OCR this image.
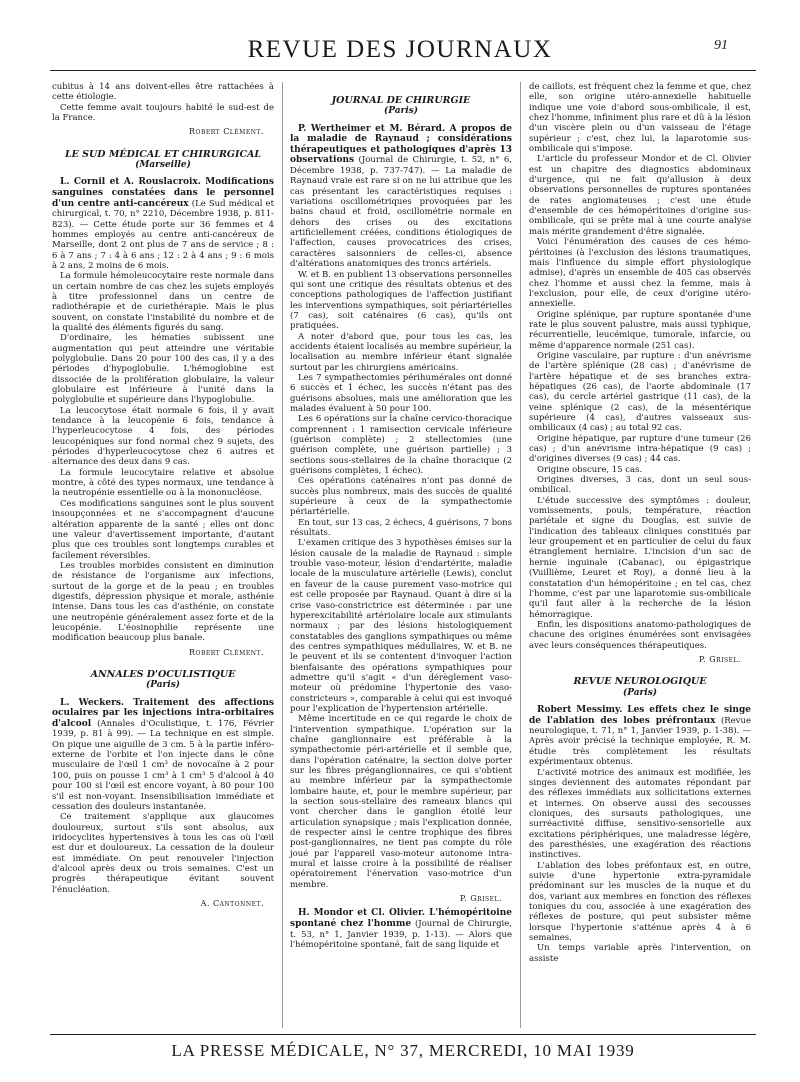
REVUE DES JOURNAUX	91

cubitus à 14 ans doivent-elles être rattachées à cette étiologie.

Cette femme avait toujours habité le sud-est de la France.

Robert Clément.
LE SUD MÉDICAL ET CHIRURGICAL
(Marseille)

L. Cornil et A. Rouslacroix. Modifications sanguines constatées dans le personnel d'un centre anti-cancéreux (Le Sud médical et chirurgical, t. 70, n° 2210, Décembre 1938, p. 811-823). — Cette étude porte sur 36 femmes et 4 hommes employés au centre anti-cancéreux de Marseille, dont 2 ont plus de 7 ans de service ; 8 : 6 à 7 ans ; 7 : 4 à 6 ans ; 12 : 2 à 4 ans ; 9 : 6 mois à 2 ans, 2 moins de 6 mois.

La formule hémoleucocytaire reste normale dans un certain nombre de cas chez les sujets employés à titre professionnel dans un centre de radiothérapie et de curiethérapie. Mais le plus souvent, on constate l'instabilité du nombre et de la qualité des éléments figurés du sang.

D'ordinaire, les hématies subissent une augmentation qui peut atteindre une véritable polyglobulie. Dans 20 pour 100 des cas, il y a des périodes d'hypoglobulie. L'hémoglobine est dissociée de la prolifération globulaire, la valeur globulaire est inférieure à l'unité dans la polyglobulie et supérieure dans l'hypoglobulie.

La leucocytose était normale 6 fois, il y avait tendance à la leucopénie 6 fois, tendance à l'hyperleucocytose 4 fois, des périodes leucopéniques sur fond normal chez 9 sujets, des périodes d'hyperleucocytose chez 6 autres et alternance des deux dans 9 cas.

La formule leucocytaire relative et absolue montre, à côté des types normaux, une tendance à la neutropénie essentielle ou à la mononucléose.

Ces modifications sanguines sont le plus souvent insoupçonnées et ne s'accompagnent d'aucune altération apparente de la santé ; elles ont donc une valeur d'avertissement importante, d'autant plus que ces troubles sont longtemps curables et facilement réversibles.

Les troubles morbides consistent en diminution de résistance de l'organisme aux infections, surtout de la gorge et de la peau ; en troubles digestifs, dépression physique et morale, asthénie intense. Dans tous les cas d'asthénie, on constate une neutropénie généralement assez forte et de la leucopénie. L'éosinophilie représente une modification beaucoup plus banale.

Robert Clément.
ANNALES D'OCULISTIQUE
(Paris)

L. Weckers. Traitement des affections oculaires par les injections intra-orbitaires d'alcool (Annales d'Oculistique, t. 176, Février 1939, p. 81 à 99). — La technique en est simple. On pique une aiguille de 3 cm. 5 à la partie inféro-externe de l'orbite et l'on injecte dans le cône musculaire de l'œil 1 cm³ de novocaïne à 2 pour 100, puis on pousse 1 cm³ à 1 cm³ 5 d'alcool à 40 pour 100 si l'œil est encore voyant, à 80 pour 100 s'il est non-voyant. Insensibilisation immédiate et cessation des douleurs instantanée.

Ce traitement s'applique aux glaucomes douloureux, surtout s'ils sont absolus, aux iridocyclites hypertensives à tous les cas où l'œil est dur et douloureux. La cessation de la douleur est immédiate. On peut renouveler l'injection d'alcool après deux ou trois semaines. C'est un progrès thérapeutique évitant souvent l'énucléation.

A. Cantonnet.
JOURNAL DE CHIRURGIE
(Paris)

P. Wertheimer et M. Bérard. A propos de la maladie de Raynaud ; considérations thérapeutiques et pathologiques d'après 13 observations (Journal de Chirurgie, t. 52, n° 6, Décembre 1938, p. 737-747). — La maladie de Raynaud vraie est rare si on ne lui attribue que les cas présentant les caractéristiques requises : variations oscillométriques provoquées par les bains chaud et froid, oscillométrie normale en dehors des crises ou des excitations artificiellement créées, conditions étiologiques de l'affection, causes provocatrices des crises, caractères saisonniers de celles-ci, absence d'altérations anatomiques des troncs artériels.

W. et B. en publient 13 observations personnelles qui sont une critique des résultats obtenus et des conceptions pathologiques de l'affection justifiant les interventions sympathiques, soit périartérielles (7 cas), soit caténaires (6 cas), qu'ils ont pratiquées.

A noter d'abord que, pour tous les cas, les accidents étaient localisés au membre supérieur, la localisation au membre inférieur étant signalée surtout par les chirurgiens américains.

Les 7 sympathectomies périhumérales ont donné 6 succès et 1 échec, les succès n'étant pas des guérisons absolues, mais une amélioration que les malades évaluent à 50 pour 100.

Les 6 opérations sur la chaîne cervico-thoracique comprennent : 1 ramisection cervicale inférieure (guérison complète) ; 2 stellectomies (une guérison complète, une guérison partielle) ; 3 sections sous-stellaires de la chaîne thoracique (2 guérisons complètes, 1 échec).

Ces opérations caténaires n'ont pas donné de succès plus nombreux, mais des succès de qualité supérieure à ceux de la sympathectomie périartérielle.

En tout, sur 13 cas, 2 échecs, 4 guérisons, 7 bons résultats.

L'examen critique des 3 hypothèses émises sur la lésion causale de la maladie de Raynaud : simple trouble vaso-moteur, lésion d'endartérite, maladie locale de la musculature artérielle (Lewis), conclut en faveur de la cause purement vaso-motrice qui est celle proposée par Raynaud. Quant à dire si la crise vaso-constrictrice est déterminée : par une hyperexcitabilité artériolaire locale aux stimulants normaux ; par des lésions histologiquement constatables des ganglions sympathiques ou même des centres sympathiques médullaires, W. et B. ne le peuvent et ils se contentent d'invoquer l'action bienfaisante des opérations sympathiques pour admettre qu'il s'agit « d'un dérèglement vaso-moteur où prédomine l'hypertonie des vaso-constricteurs », comparable à celui qui est invoqué pour l'explication de l'hypertension artérielle.

Même incertitude en ce qui regarde le choix de l'intervention sympathique. L'opération sur la chaîne ganglionnaire est préférable à la sympathectomie péri-artérielle et il semble que, dans l'opération caténaire, la section doive porter sur les fibres préganglionnaires, ce qui s'obtient au membre inférieur par la sympathectomie lombaire haute, et, pour le membre supérieur, par la section sous-stellaire des rameaux blancs qui vont chercher dans le ganglion étoilé leur articulation synapsique ; mais l'explication donnée, de respecter ainsi le centre trophique des fibres post-ganglionnaires, ne tient pas compte du rôle joué par l'appareil vaso-moteur autonome intra-mural et laisse croire à la possibilité de réaliser opératoirement l'énervation vaso-motrice d'un membre.

P. Grisel.

H. Mondor et Cl. Olivier. L'hémopéritoine spontané chez l'homme (Journal de Chirurgie, t. 53, n° 1, Janvier 1939, p. 1-13). — Alors que l'hémopéritoine spontané, fait de sang liquide et

de caillots, est fréquent chez la femme et que, chez elle, son origine utéro-annexielle habituelle indique une voie d'abord sous-ombilicale, il est, chez l'homme, infiniment plus rare et dû à la lésion d'un viscère plein ou d'un vaisseau de l'étage supérieur ; c'est, chez lui, la laparotomie sus-ombilicale qui s'impose.

L'article du professeur Mondor et de Cl. Olivier est un chapitre des diagnostics abdominaux d'urgence, qui ne fait qu'allusion à deux observations personnelles de ruptures spontanées de rates angiomateuses ; c'est une étude d'ensemble de ces hémopéritoines d'origine sus-ombilicale, qui se prête mal à une courte analyse mais mérite grandement d'être signalée.

Voici l'énumération des causes de ces hémo-péritoines (à l'exclusion des lésions traumatiques, mais l'influence du simple effort physiologique admise), d'après un ensemble de 405 cas observés chez l'homme et aussi chez la femme, mais à l'exclusion, pour elle, de ceux d'origine utéro-annexielle.

Origine splénique, par rupture spontanée d'une rate le plus souvent palustre, mais aussi typhique, récurrentielle, leucémique, tumorale, infarcie, ou même d'apparence normale (251 cas).

Origine vasculaire, par rupture : d'un anévrisme de l'artère splénique (28 cas) ; d'anévrisme de l'artère hépatique et de ses branches extra-hépatiques (26 cas), de l'aorte abdominale (17 cas), du cercle artériel gastrique (11 cas), de la veine splénique (2 cas), de la mésentérique supérieure (4 cas), d'autres vaisseaux sus-ombilicaux (4 cas) ; au total 92 cas.

Origine hépatique, par rupture d'une tumeur (26 cas) ; d'un anévrisme intra-hépatique (9 cas) ; d'origines diverses (9 cas) ; 44 cas.

Origine obscure, 15 cas.

Origines diverses, 3 cas, dont un seul sous-ombilical.

L'étude successive des symptômes : douleur, vomissements, pouls, température, réaction pariétale et signe du Douglas, est suivie de l'indication des tableaux cliniques constitués par leur groupement et en particulier de celui du faux étranglement herniaire. L'incision d'un sac de hernie inguinale (Cabanac), ou épigastrique (Vuillième, Leuret et Roy), a donné lieu à la constatation d'un hémopéritoine ; en tel cas, chez l'homme, c'est par une laparotomie sus-ombilicale qu'il faut aller à la recherche de la lésion hémorragique.

Enfin, les dispositions anatomo-pathologiques de chacune des origines énumérées sont envisagées avec leurs conséquences thérapeutiques.

P. Grisel.
REVUE NEUROLOGIQUE
(Paris)

Robert Messimy. Les effets chez le singe de l'ablation des lobes préfrontaux (Revue neurologique, t. 71, n° 1, Janvier 1939, p. 1-38). — Après avoir précisé la technique employée, R. M. étudie très complètement les résultats expérimentaux obtenus.

L'activité motrice des animaux est modifiée, les singes deviennent des automates répondant par des réflexes immédiats aux sollicitations externes et internes. On observe aussi des secousses cloniques, des sursauts pathologiques, une surréactivité diffuse, sensitivo-sensorielle aux excitations périphériques, une maladresse légère, des paresthésies, une exagération des réactions instinctives.

L'ablation des lobes préfontaux est, en outre, suivie d'une hypertonie extra-pyramidale prédominant sur les muscles de la nuque et du dos, variant aux membres en fonction des réflexes toniques du cou, associée à une exagération des réflexes de posture, qui peut subsister même lorsque l'hypertonie s'atténue après 4 à 6 semaines.

Un temps variable après l'intervention, on assiste

LA PRESSE MÉDICALE, N° 37, MERCREDI, 10 MAI 1939
